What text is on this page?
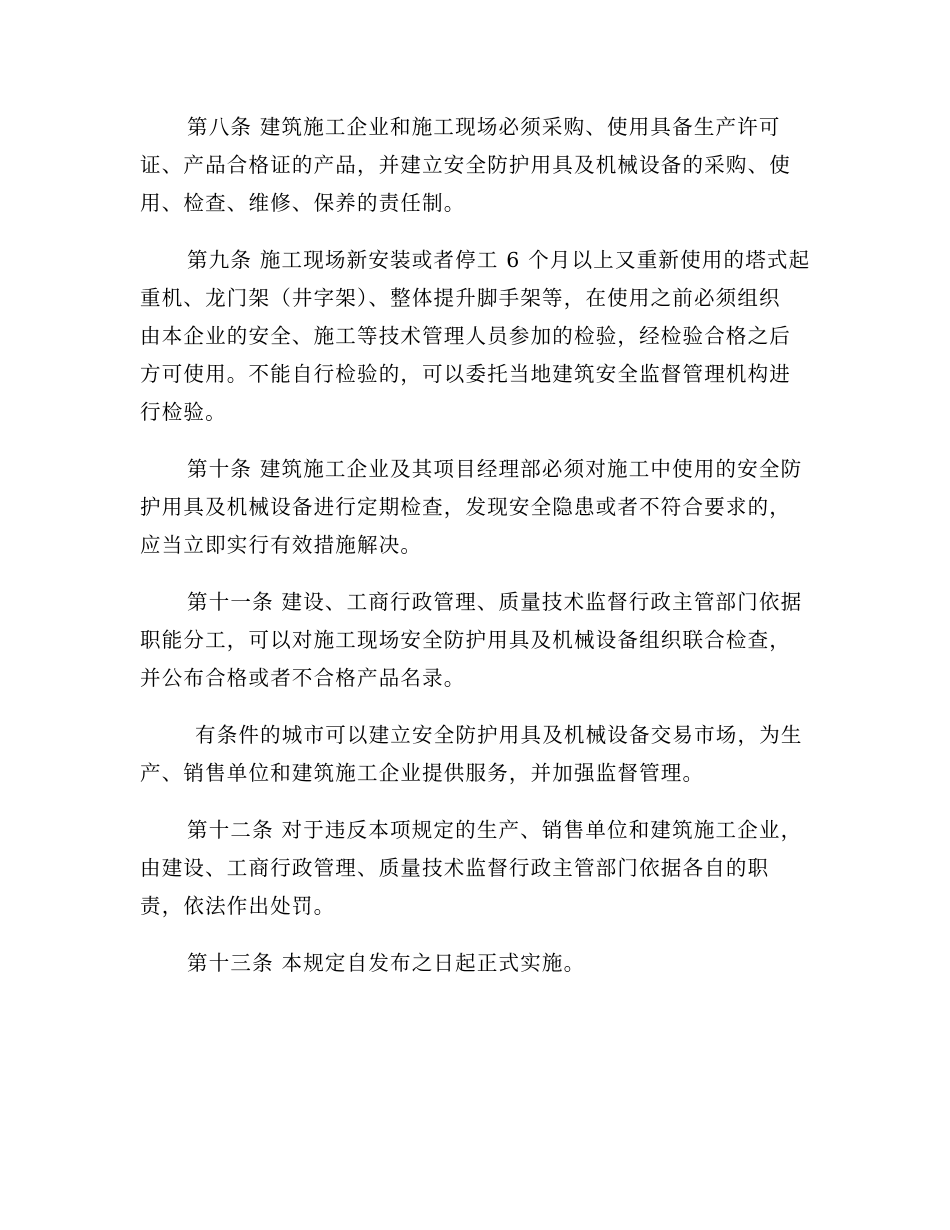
第八条 建筑施工企业和施工现场必须采购、使用具备生产许可
证、产品合格证的产品，并建立安全防护用具及机械设备的采购、使
用、检查、维修、保养的责任制。

第九条 施工现场新安装或者停工 6 个月以上又重新使用的塔式起
重机、龙门架（井字架）、整体提升脚手架等，在使用之前必须组织
由本企业的安全、施工等技术管理人员参加的检验，经检验合格之后
方可使用。不能自行检验的，可以委托当地建筑安全监督管理机构进
行检验。

第十条 建筑施工企业及其项目经理部必须对施工中使用的安全防
护用具及机械设备进行定期检查，发现安全隐患或者不符合要求的，
应当立即实行有效措施解决。

第十一条 建设、工商行政管理、质量技术监督行政主管部门依据
职能分工，可以对施工现场安全防护用具及机械设备组织联合检查，
并公布合格或者不合格产品名录。

有条件的城市可以建立安全防护用具及机械设备交易市场，为生
产、销售单位和建筑施工企业提供服务，并加强监督管理。

第十二条 对于违反本项规定的生产、销售单位和建筑施工企业，
由建设、工商行政管理、质量技术监督行政主管部门依据各自的职
责，依法作出处罚。

第十三条 本规定自发布之日起正式实施。
